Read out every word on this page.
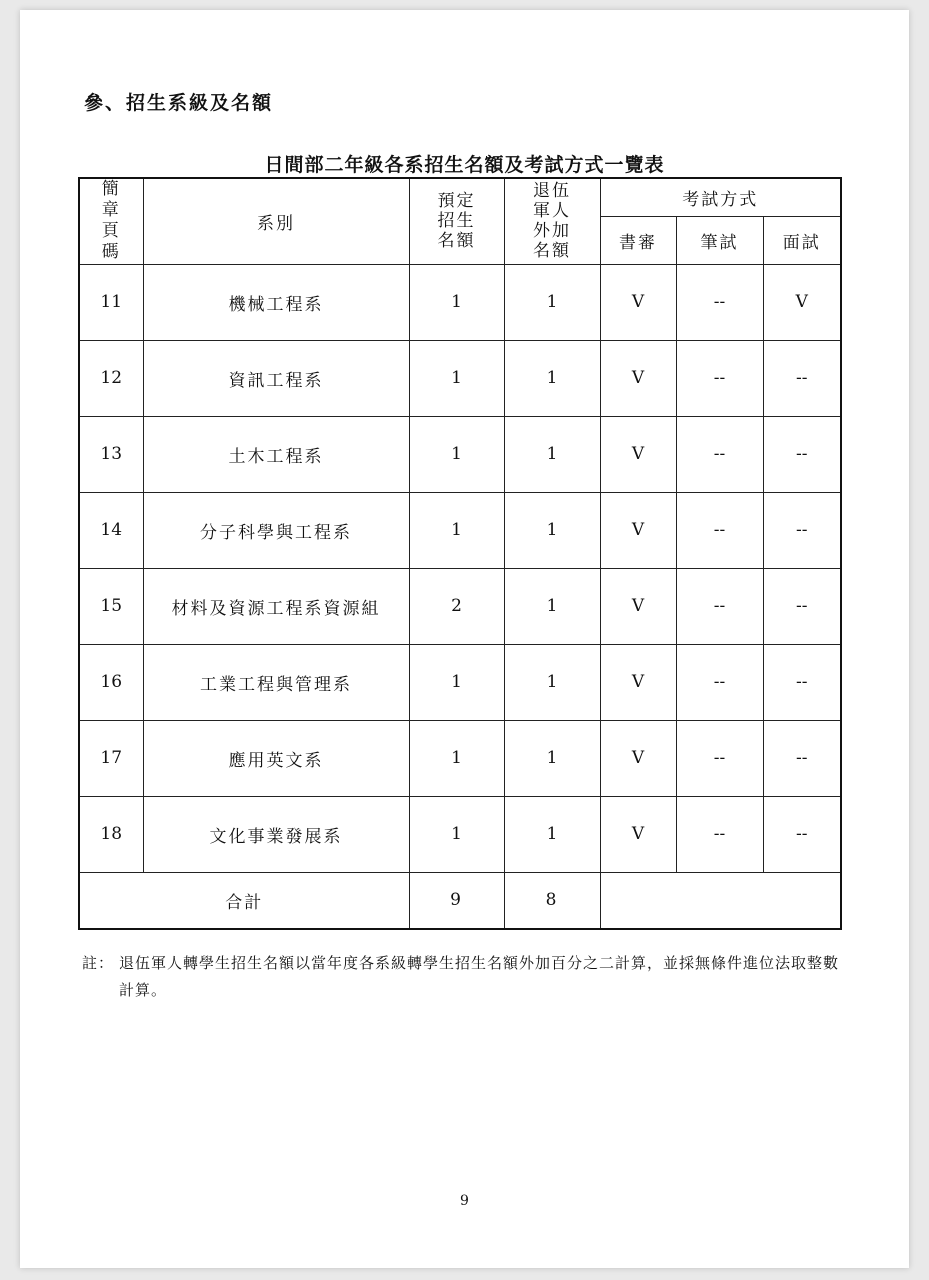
參、招生系級及名額
日間部二年級各系招生名額及考試方式一覽表
簡章頁碼	系別	預定招生名額	退伍軍人外加名額	考試方式		
				書審	筆試	面試
11	機械工程系	1	1	V	--	V
12	資訊工程系	1	1	V	--	--
13	土木工程系	1	1	V	--	--
14	分子科學與工程系	1	1	V	--	--
15	材料及資源工程系資源組	2	1	V	--	--
16	工業工程與管理系	1	1	V	--	--
17	應用英文系	1	1	V	--	--
18	文化事業發展系	1	1	V	--	--
合計		9	8			
註： 退伍軍人轉學生招生名額以當年度各系級轉學生招生名額外加百分之二計算，並採無條件進位法取整數計算。
9
